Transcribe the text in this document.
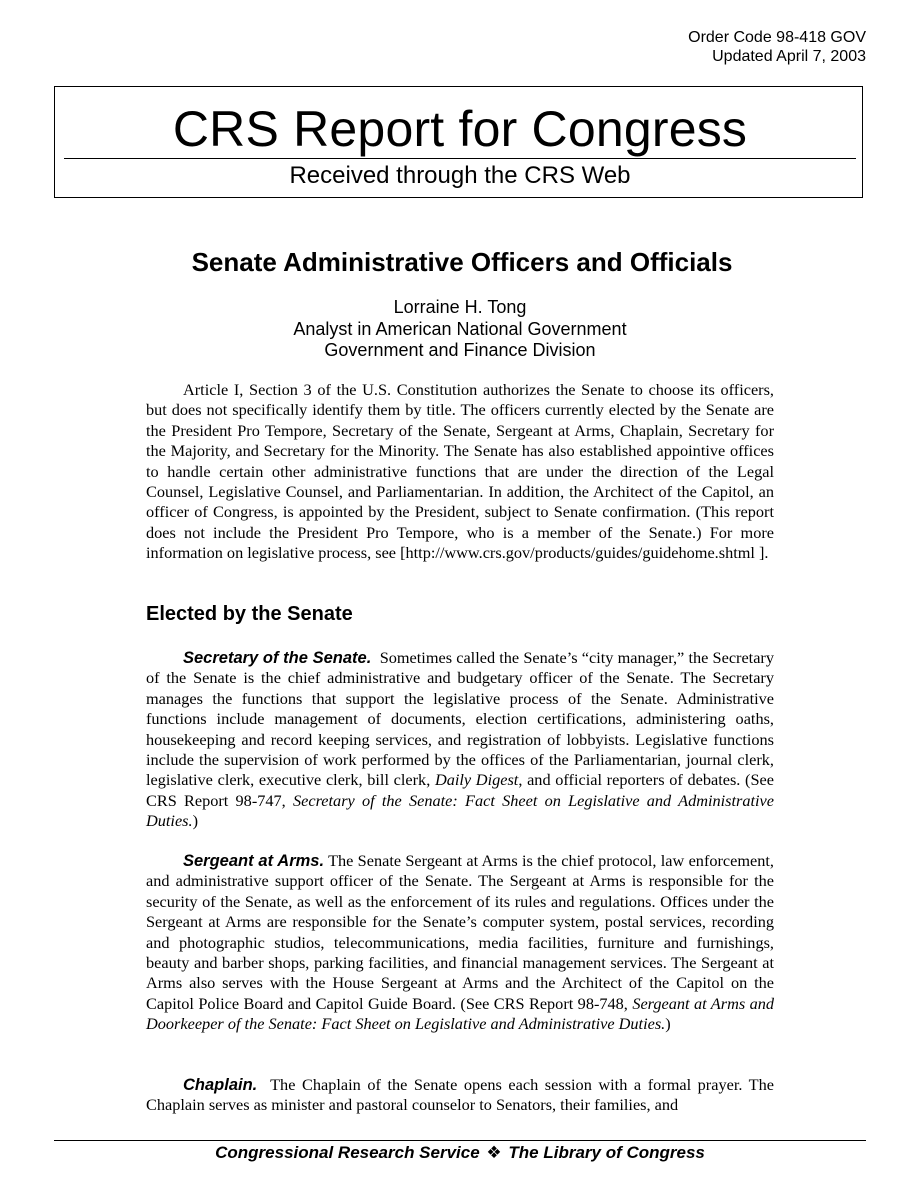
Order Code 98-418 GOV
Updated April 7, 2003
CRS Report for Congress
Received through the CRS Web
Senate Administrative Officers and Officials
Lorraine H. Tong
Analyst in American National Government
Government and Finance Division

Article I, Section 3 of the U.S. Constitution authorizes the Senate to choose its officers, but does not specifically identify them by title. The officers currently elected by the Senate are the President Pro Tempore, Secretary of the Senate, Sergeant at Arms, Chaplain, Secretary for the Majority, and Secretary for the Minority. The Senate has also established appointive offices to handle certain other administrative functions that are under the direction of the Legal Counsel, Legislative Counsel, and Parliamentarian. In addition, the Architect of the Capitol, an officer of Congress, is appointed by the President, subject to Senate confirmation. (This report does not include the President Pro Tempore, who is a member of the Senate.) For more information on legislative process, see [http://www.crs.gov/products/guides/guidehome.shtml ].

Elected by the Senate

Secretary of the Senate. Sometimes called the Senate’s “city manager,” the Secretary of the Senate is the chief administrative and budgetary officer of the Senate. The Secretary manages the functions that support the legislative process of the Senate. Administrative functions include management of documents, election certifications, administering oaths, housekeeping and record keeping services, and registration of lobbyists. Legislative functions include the supervision of work performed by the offices of the Parliamentarian, journal clerk, legislative clerk, executive clerk, bill clerk, Daily Digest, and official reporters of debates. (See CRS Report 98-747, Secretary of the Senate: Fact Sheet on Legislative and Administrative Duties.)

Sergeant at Arms. The Senate Sergeant at Arms is the chief protocol, law enforcement, and administrative support officer of the Senate. The Sergeant at Arms is responsible for the security of the Senate, as well as the enforcement of its rules and regulations. Offices under the Sergeant at Arms are responsible for the Senate’s computer system, postal services, recording and photographic studios, telecommunications, media facilities, furniture and furnishings, beauty and barber shops, parking facilities, and financial management services. The Sergeant at Arms also serves with the House Sergeant at Arms and the Architect of the Capitol on the Capitol Police Board and Capitol Guide Board. (See CRS Report 98-748, Sergeant at Arms and Doorkeeper of the Senate: Fact Sheet on Legislative and Administrative Duties.)

Chaplain. The Chaplain of the Senate opens each session with a formal prayer. The Chaplain serves as minister and pastoral counselor to Senators, their families, and

Congressional Research Service ❖ The Library of Congress
